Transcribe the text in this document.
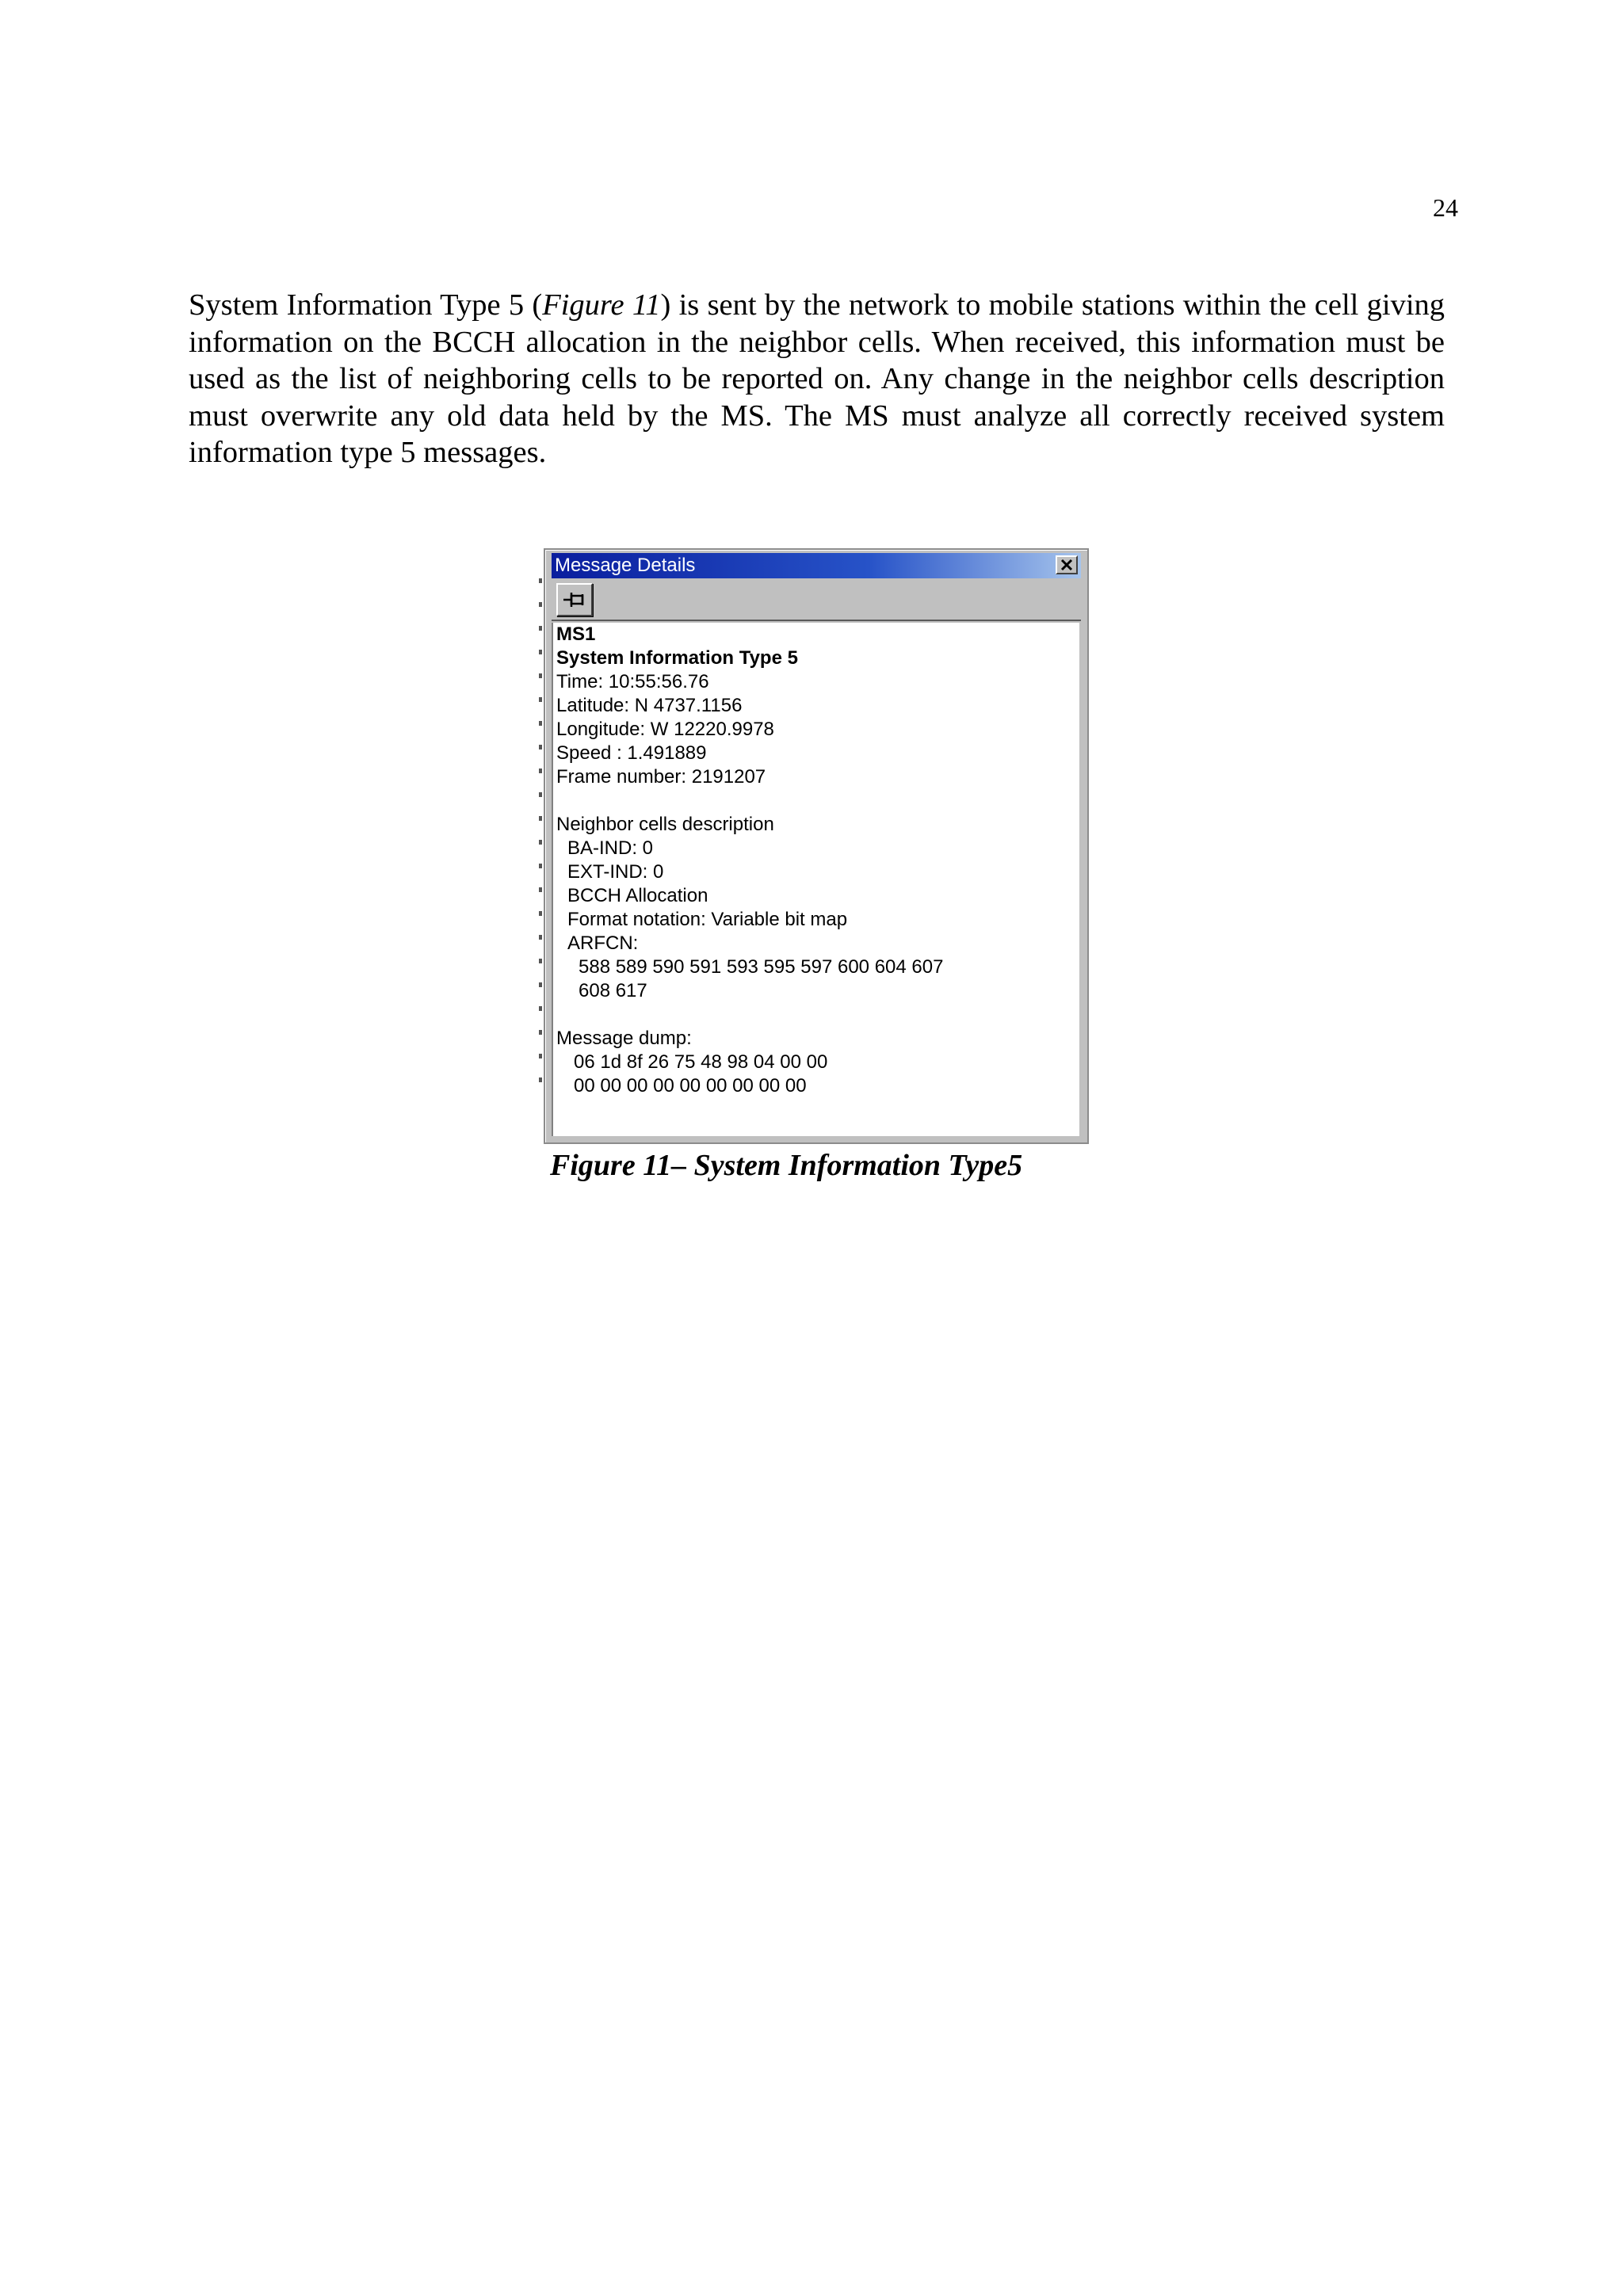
24

System Information Type 5 (Figure 11) is sent by the network to mobile stations within the cell giving information on the BCCH allocation in the neighbor cells. When received, this information must be used as the list of neighboring cells to be reported on. Any change in the neighbor cells description must overwrite any old data held by the MS. The MS must analyze all correctly received system information type 5 messages.

Message Details
MS1
System Information Type 5
Time: 10:55:56.76
Latitude: N 4737.1156
Longitude: W 12220.9978
Speed : 1.491889
Frame number: 2191207
Neighbor cells description
BA-IND: 0
EXT-IND: 0
BCCH Allocation
Format notation: Variable bit map
ARFCN:
588 589 590 591 593 595 597 600 604 607
608 617
Message dump:
06 1d 8f 26 75 48 98 04 00 00
00 00 00 00 00 00 00 00 00
Figure 11– System Information Type5
